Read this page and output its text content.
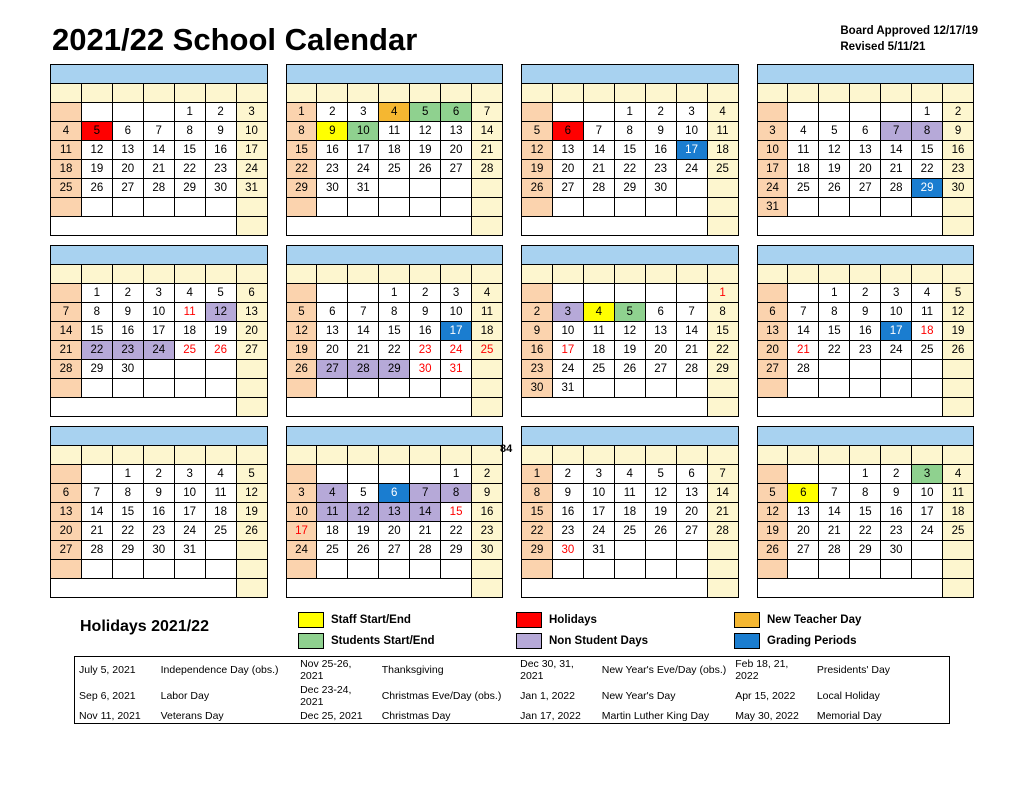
2021/22 School Calendar	Board Approved 12/17/19
Revised 5/11/21

				1	2	3
4	5	6	7	8	9	10
11	12	13	14	15	16	17
18	19	20	21	22	23	24
25	26	27	28	29	30	31

1	2	3	4	5	6	7
8	9	10	11	12	13	14
15	16	17	18	19	20	21
22	23	24	25	26	27	28
29	30	31				

			1	2	3	4
5	6	7	8	9	10	11
12	13	14	15	16	17	18
19	20	21	22	23	24	25
26	27	28	29	30		

					1	2
3	4	5	6	7	8	9
10	11	12	13	14	15	16
17	18	19	20	21	22	23
24	25	26	27	28	29	30
31						

	1	2	3	4	5	6
7	8	9	10	11	12	13
14	15	16	17	18	19	20
21	22	23	24	25	26	27
28	29	30				

			1	2	3	4
5	6	7	8	9	10	11
12	13	14	15	16	17	18
19	20	21	22	23	24	25
26	27	28	29	30	31	

						1
2	3	4	5	6	7	8
9	10	11	12	13	14	15
16	17	18	19	20	21	22
23	24	25	26	27	28	29
30	31					

		1	2	3	4	5
6	7	8	9	10	11	12
13	14	15	16	17	18	19
20	21	22	23	24	25	26
27	28					

		1	2	3	4	5
6	7	8	9	10	11	12
13	14	15	16	17	18	19
20	21	22	23	24	25	26
27	28	29	30	31		

					1	2
3	4	5	6	7	8	9
10	11	12	13	14	15	16
17	18	19	20	21	22	23
24	25	26	27	28	29	30

1	2	3	4	5	6	7
8	9	10	11	12	13	14
15	16	17	18	19	20	21
22	23	24	25	26	27	28
29	30	31				

			1	2	3	4
5	6	7	8	9	10	11
12	13	14	15	16	17	18
19	20	21	22	23	24	25
26	27	28	29	30		

84
Holidays 2021/22	Staff Start/End	Holidays	New Teacher Day
Students Start/End	Non Student Days	Grading Periods
July 5, 2021	Independence Day (obs.)	Nov 25-26, 2021	Thanksgiving	Dec 30, 31, 2021	New Year's Eve/Day (obs.)	Feb 18, 21, 2022	Presidents' Day
Sep 6, 2021	Labor Day	Dec 23-24, 2021	Christmas Eve/Day (obs.)	Jan 1, 2022	New Year's Day	Apr 15, 2022	Local Holiday
Nov 11, 2021	Veterans Day	Dec 25, 2021	Christmas Day	Jan 17, 2022	Martin Luther King Day	May 30, 2022	Memorial Day
